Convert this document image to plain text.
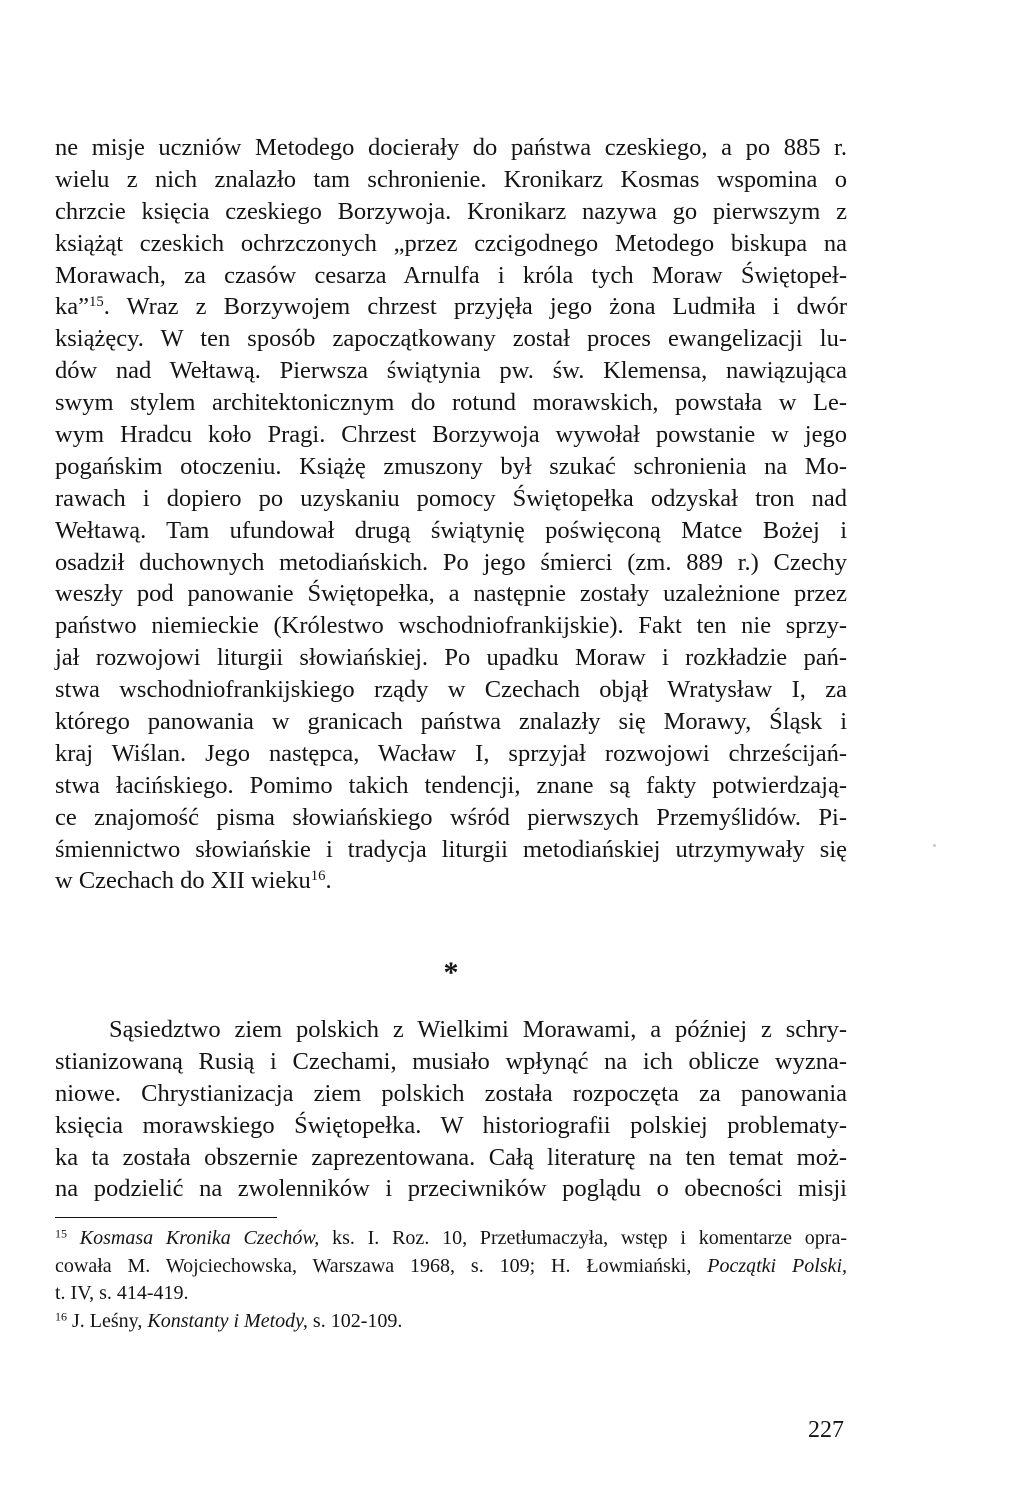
ne misje uczniów Metodego docierały do państwa czeskiego, a po 885 r.
wielu z nich znalazło tam schronienie. Kronikarz Kosmas wspomina o
chrzcie księcia czeskiego Borzywoja. Kronikarz nazywa go pierwszym z
książąt czeskich ochrzczonych „przez czcigodnego Metodego biskupa na
Morawach, za czasów cesarza Arnulfa i króla tych Moraw Świętopeł-
ka”$^{15}$. Wraz z Borzywojem chrzest przyjęła jego żona Ludmiła i dwór
książęcy. W ten sposób zapoczątkowany został proces ewangelizacji lu-
dów nad Wełtawą. Pierwsza świątynia pw. św. Klemensa, nawiązująca
swym stylem architektonicznym do rotund morawskich, powstała w Le-
wym Hradcu koło Pragi. Chrzest Borzywoja wywołał powstanie w jego
pogańskim otoczeniu. Książę zmuszony był szukać schronienia na Mo-
rawach i dopiero po uzyskaniu pomocy Świętopełka odzyskał tron nad
Wełtawą. Tam ufundował drugą świątynię poświęconą Matce Bożej i
osadził duchownych metodiańskich. Po jego śmierci (zm. 889 r.) Czechy
weszły pod panowanie Świętopełka, a następnie zostały uzależnione przez
państwo niemieckie (Królestwo wschodniofrankijskie). Fakt ten nie sprzy-
jał rozwojowi liturgii słowiańskiej. Po upadku Moraw i rozkładzie pań-
stwa wschodniofrankijskiego rządy w Czechach objął Wratysław I, za
którego panowania w granicach państwa znalazły się Morawy, Śląsk i
kraj Wiślan. Jego następca, Wacław I, sprzyjał rozwojowi chrześcijań-
stwa łacińskiego. Pomimo takich tendencji, znane są fakty potwierdzają-
ce znajomość pisma słowiańskiego wśród pierwszych Przemyślidów. Pi-
śmiennictwo słowiańskie i tradycja liturgii metodiańskiej utrzymywały się
w Czechach do XII wieku$^{16}$.
*
Sąsiedztwo ziem polskich z Wielkimi Morawami, a później z schry-
stianizowaną Rusią i Czechami, musiało wpłynąć na ich oblicze wyzna-
niowe. Chrystianizacja ziem polskich została rozpoczęta za panowania
księcia morawskiego Świętopełka. W historiografii polskiej problematy-
ka ta została obszernie zaprezentowana. Całą literaturę na ten temat moż-
na podzielić na zwolenników i przeciwników poglądu o obecności misji
$^{15}$ Kosmasa Kronika Czechów, ks. I. Roz. 10, Przetłumaczyła, wstęp i komentarze opra-
cowała M. Wojciechowska, Warszawa 1968, s. 109; H. Łowmiański, Początki Polski,
t. IV, s. 414-419.
$^{16}$ J. Leśny, Konstanty i Metody, s. 102-109.
227
